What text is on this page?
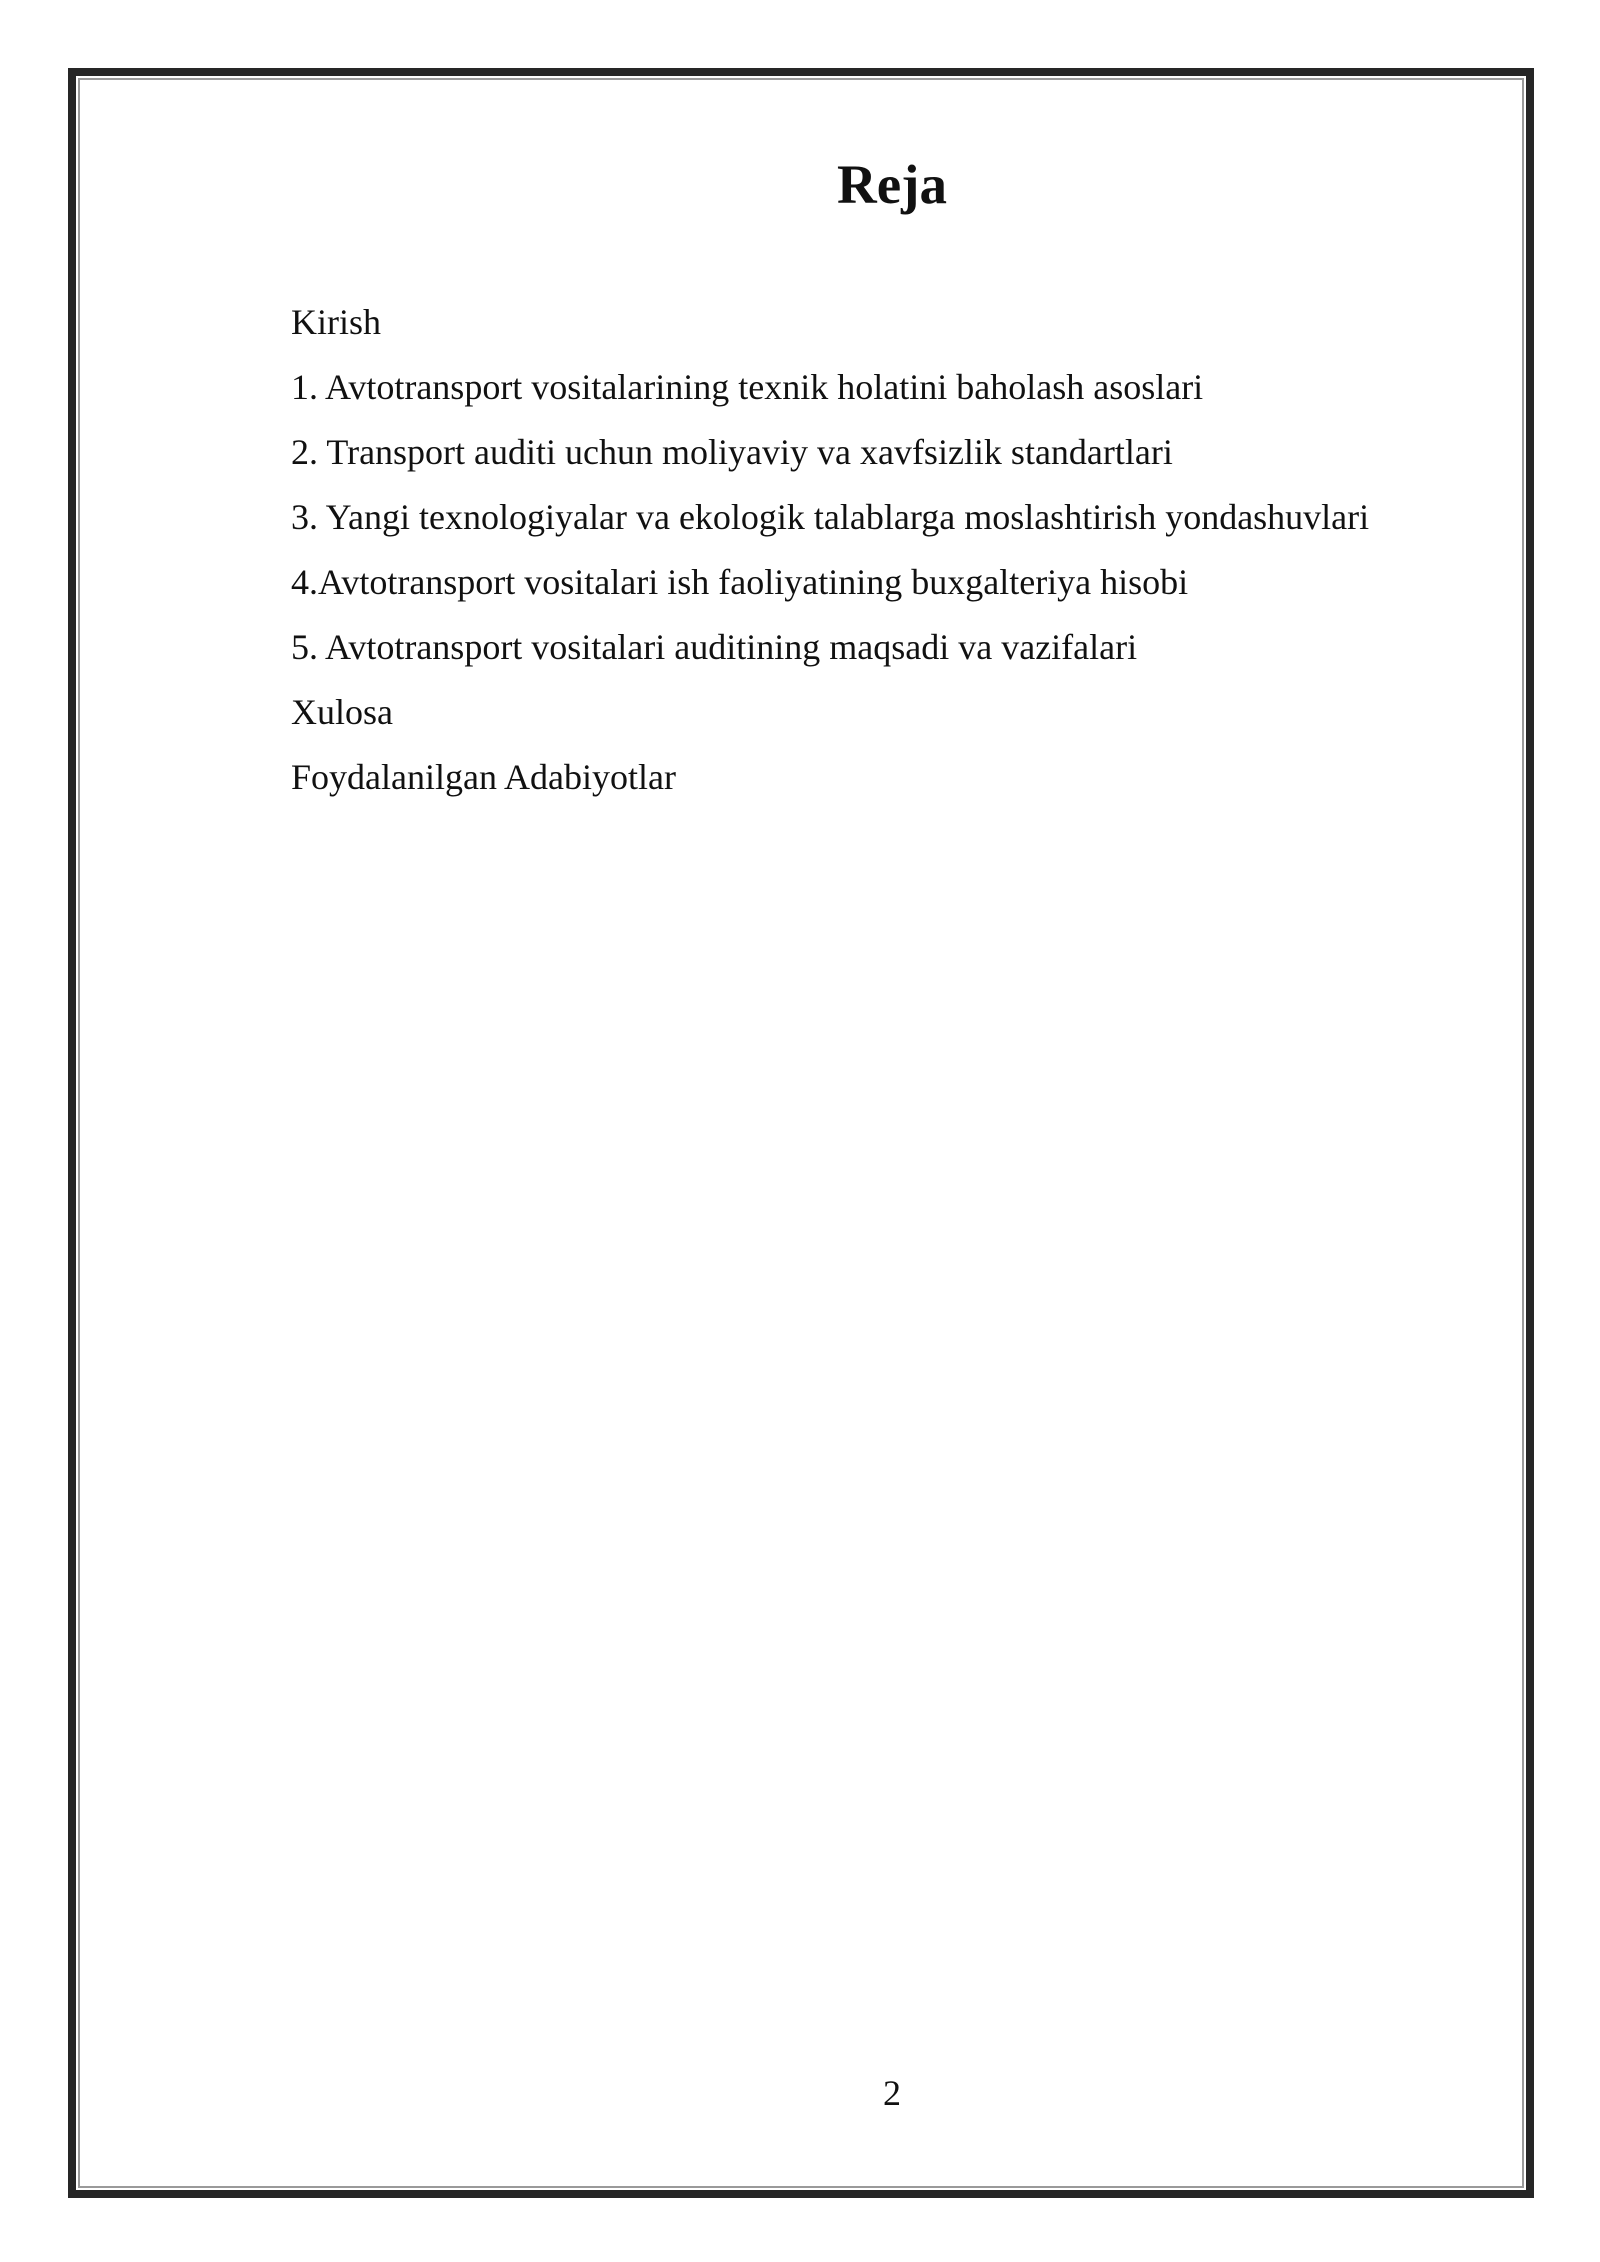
Reja
Kirish
1. Avtotransport vositalarining texnik holatini baholash asoslari
2. Transport auditi uchun moliyaviy va xavfsizlik standartlari
3. Yangi texnologiyalar va ekologik talablarga moslashtirish yondashuvlari
4.Avtotransport vositalari ish faoliyatining buxgalteriya hisobi
5. Avtotransport vositalari auditining maqsadi va vazifalari
Xulosa
Foydalanilgan Adabiyotlar
2
